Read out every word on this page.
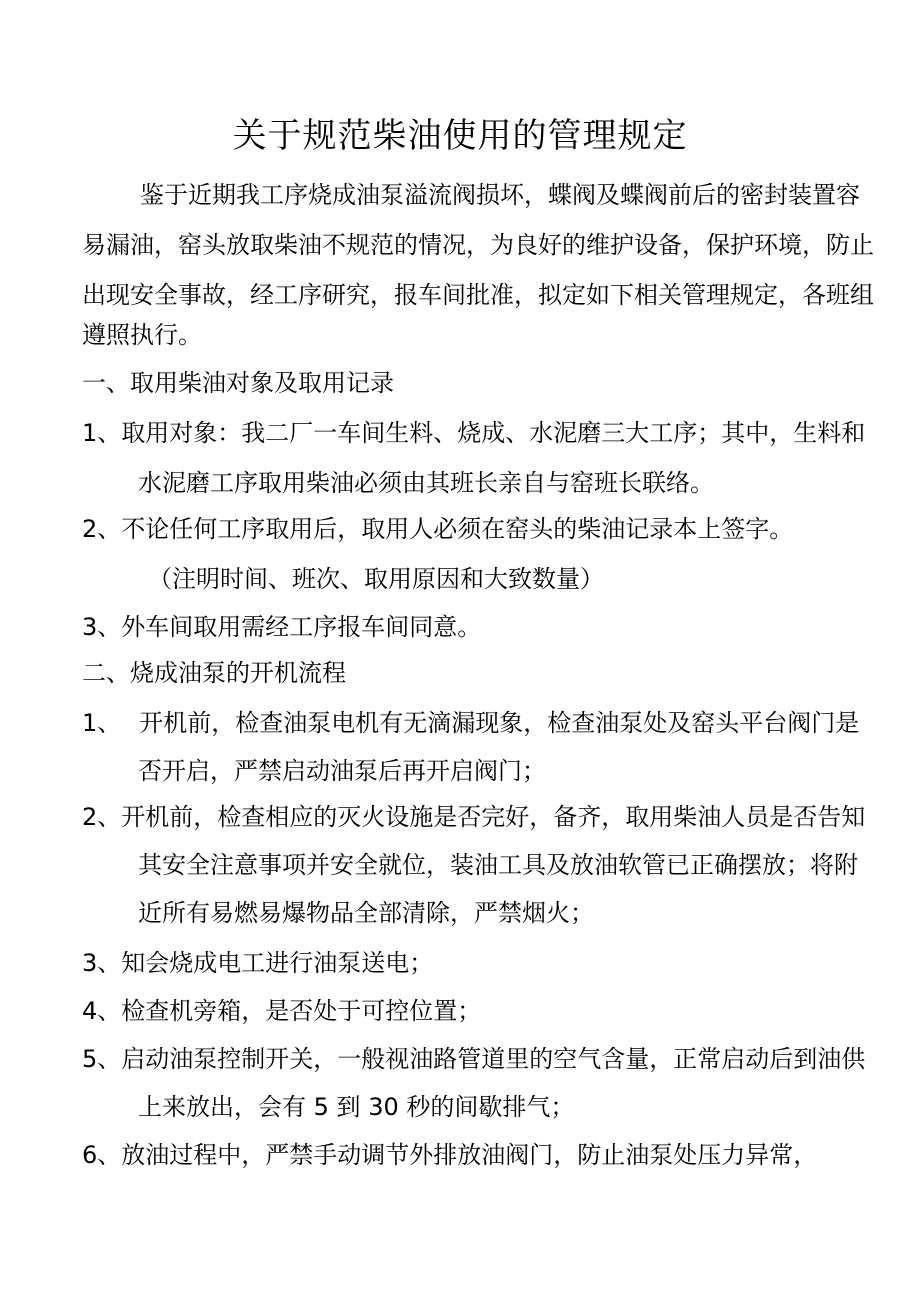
关于规范柴油使用的管理规定
鉴于近期我工序烧成油泵溢流阀损坏，蝶阀及蝶阀前后的密封装置容
易漏油，窑头放取柴油不规范的情况，为良好的维护设备，保护环境，防止
出现安全事故，经工序研究，报车间批准，拟定如下相关管理规定，各班组
遵照执行。
一、取用柴油对象及取用记录
1、取用对象：我二厂一车间生料、烧成、水泥磨三大工序；其中，生料和
水泥磨工序取用柴油必须由其班长亲自与窑班长联络。
2、不论任何工序取用后，取用人必须在窑头的柴油记录本上签字。
（注明时间、班次、取用原因和大致数量）
3、外车间取用需经工序报车间同意。
二、烧成油泵的开机流程
1、 开机前，检查油泵电机有无滴漏现象，检查油泵处及窑头平台阀门是
否开启，严禁启动油泵后再开启阀门；
2、开机前，检查相应的灭火设施是否完好，备齐，取用柴油人员是否告知
其安全注意事项并安全就位，装油工具及放油软管已正确摆放；将附
近所有易燃易爆物品全部清除，严禁烟火；
3、知会烧成电工进行油泵送电；
4、检查机旁箱，是否处于可控位置；
5、启动油泵控制开关，一般视油路管道里的空气含量，正常启动后到油供
上来放出，会有 5 到 30 秒的间歇排气；
6、放油过程中，严禁手动调节外排放油阀门，防止油泵处压力异常，
